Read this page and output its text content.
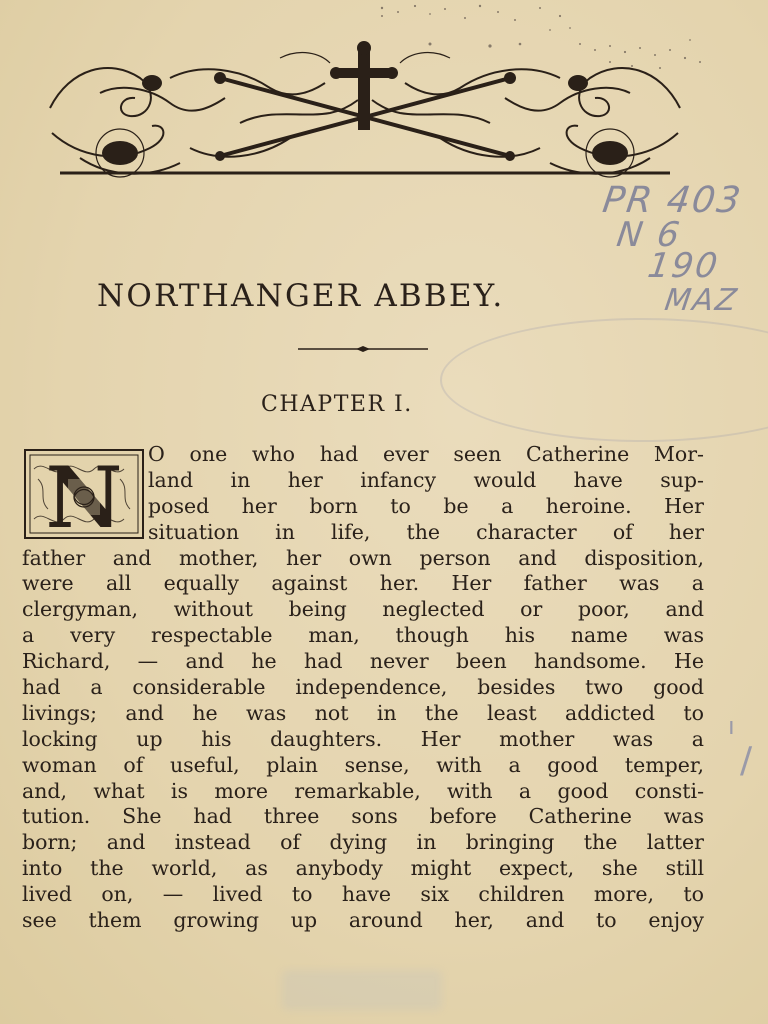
PR 403
N 6
190
MAZ
NORTHANGER ABBEY.
CHAPTER I.
N O one who had ever seen Catherine Mor-
land in her infancy would have sup-
posed her born to be a heroine. Her
situation in life, the character of her
father and mother, her own person and disposition,
were all equally against her. Her father was a
clergyman, without being neglected or poor, and
a very respectable man, though his name was
Richard, — and he had never been handsome. He
had a considerable independence, besides two good
livings; and he was not in the least addicted to
locking up his daughters. Her mother was a
woman of useful, plain sense, with a good temper,
and, what is more remarkable, with a good consti-
tution. She had three sons before Catherine was
born; and instead of dying in bringing the latter
into the world, as anybody might expect, she still
lived on, — lived to have six children more, to
see them growing up around her, and to enjoy
ı
/
